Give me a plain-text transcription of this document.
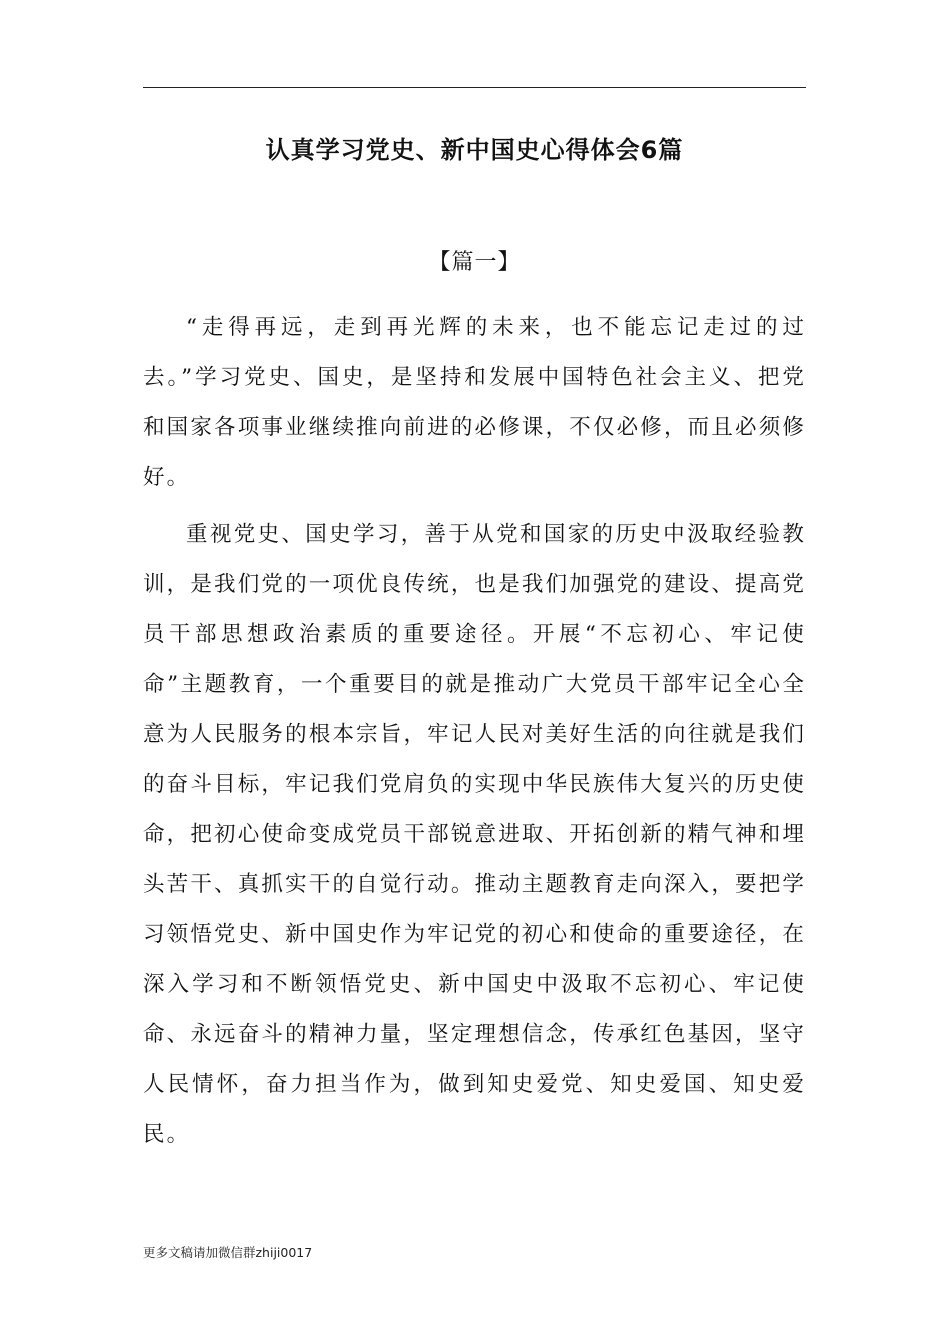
认真学习党史、新中国史心得体会6篇
【篇一】

“走得再远，走到再光辉的未来，也不能忘记走过的过去。”学习党史、国史，是坚持和发展中国特色社会主义、把党和国家各项事业继续推向前进的必修课，不仅必修，而且必须修好。

重视党史、国史学习，善于从党和国家的历史中汲取经验教训，是我们党的一项优良传统，也是我们加强党的建设、提高党员干部思想政治素质的重要途径。开展“不忘初心、牢记使命”主题教育，一个重要目的就是推动广大党员干部牢记全心全意为人民服务的根本宗旨，牢记人民对美好生活的向往就是我们的奋斗目标，牢记我们党肩负的实现中华民族伟大复兴的历史使命，把初心使命变成党员干部锐意进取、开拓创新的精气神和埋头苦干、真抓实干的自觉行动。推动主题教育走向深入，要把学习领悟党史、新中国史作为牢记党的初心和使命的重要途径，在深入学习和不断领悟党史、新中国史中汲取不忘初心、牢记使命、永远奋斗的精神力量，坚定理想信念，传承红色基因，坚守人民情怀，奋力担当作为，做到知史爱党、知史爱国、知史爱民。

更多文稿请加微信群zhiji0017
